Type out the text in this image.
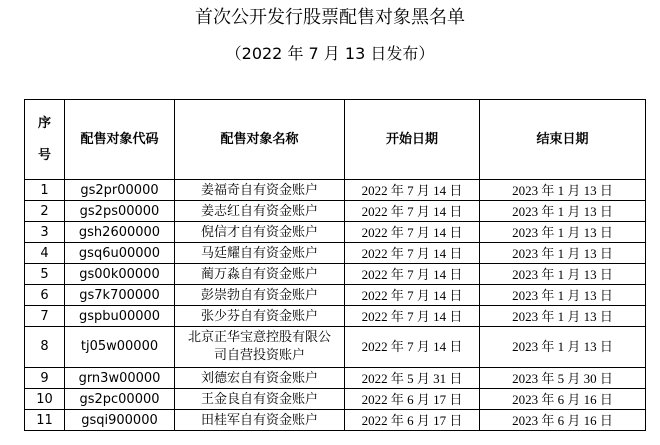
首次公开发行股票配售对象黑名单
（2022 年 7 月 13 日发布）
序
号	配售对象代码	配售对象名称	开始日期	结束日期
1	gs2pr00000	姜福奇自有资金账户	2022 年 7 月 14 日	2023 年 1 月 13 日
2	gs2ps00000	姜志红自有资金账户	2022 年 7 月 14 日	2023 年 1 月 13 日
3	gsh2600000	倪信才自有资金账户	2022 年 7 月 14 日	2023 年 1 月 13 日
4	gsq6u00000	马廷耀自有资金账户	2022 年 7 月 14 日	2023 年 1 月 13 日
5	gs00k00000	蔺万淼自有资金账户	2022 年 7 月 14 日	2023 年 1 月 13 日
6	gs7k700000	彭崇勃自有资金账户	2022 年 7 月 14 日	2023 年 1 月 13 日
7	gspbu00000	张少芬自有资金账户	2022 年 7 月 14 日	2023 年 1 月 13 日
8	tj05w00000	北京正华宝意控股有限公
司自营投资账户	2022 年 7 月 14 日	2023 年 1 月 13 日
9	grn3w00000	刘德宏自有资金账户	2022 年 5 月 31 日	2023 年 5 月 30 日
10	gs2pc00000	王金良自有资金账户	2022 年 6 月 17 日	2023 年 6 月 16 日
11	gsqi900000	田桂军自有资金账户	2022 年 6 月 17 日	2023 年 6 月 16 日
